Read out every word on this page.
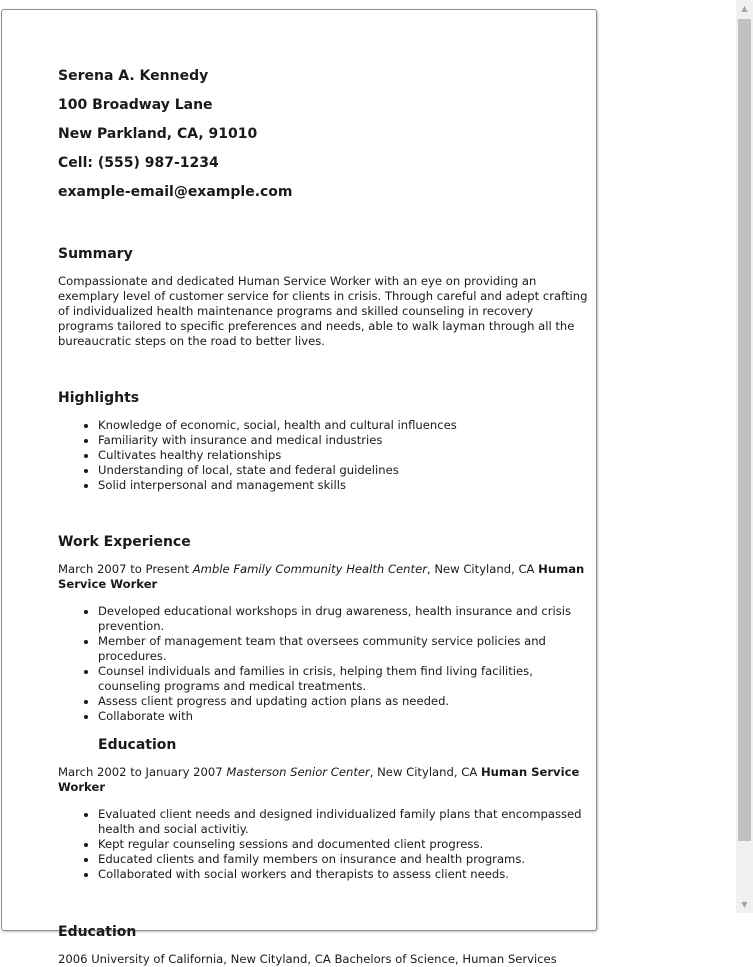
Serena A. Kennedy

100 Broadway Lane

New Parkland, CA, 91010

Cell: (555) 987-1234

example-email@example.com

Summary

Compassionate and dedicated Human Service Worker with an eye on providing an exemplary level of customer service for clients in crisis. Through careful and adept crafting of individualized health maintenance programs and skilled counseling in recovery programs tailored to specific preferences and needs, able to walk layman through all the bureaucratic steps on the road to better lives.

Highlights

• Knowledge of economic, social, health and cultural influences
• Familiarity with insurance and medical industries
• Cultivates healthy relationships
• Understanding of local, state and federal guidelines
• Solid interpersonal and management skills

Work Experience

March 2007 to Present Amble Family Community Health Center, New Cityland, CA Human Service Worker

• Developed educational workshops in drug awareness, health insurance and crisis prevention.
• Member of management team that oversees community service policies and procedures.
• Counsel individuals and families in crisis, helping them find living facilities, counseling programs and medical treatments.
• Assess client progress and updating action plans as needed.
• Collaborate with

Education

March 2002 to January 2007 Masterson Senior Center, New Cityland, CA Human Service Worker

• Evaluated client needs and designed individualized family plans that encompassed health and social activitiy.
• Kept regular counseling sessions and documented client progress.
• Educated clients and family members on insurance and health programs.
• Collaborated with social workers and therapists to assess client needs.

Education

2006 University of California, New Cityland, CA Bachelors of Science, Human Services

▲
▼
